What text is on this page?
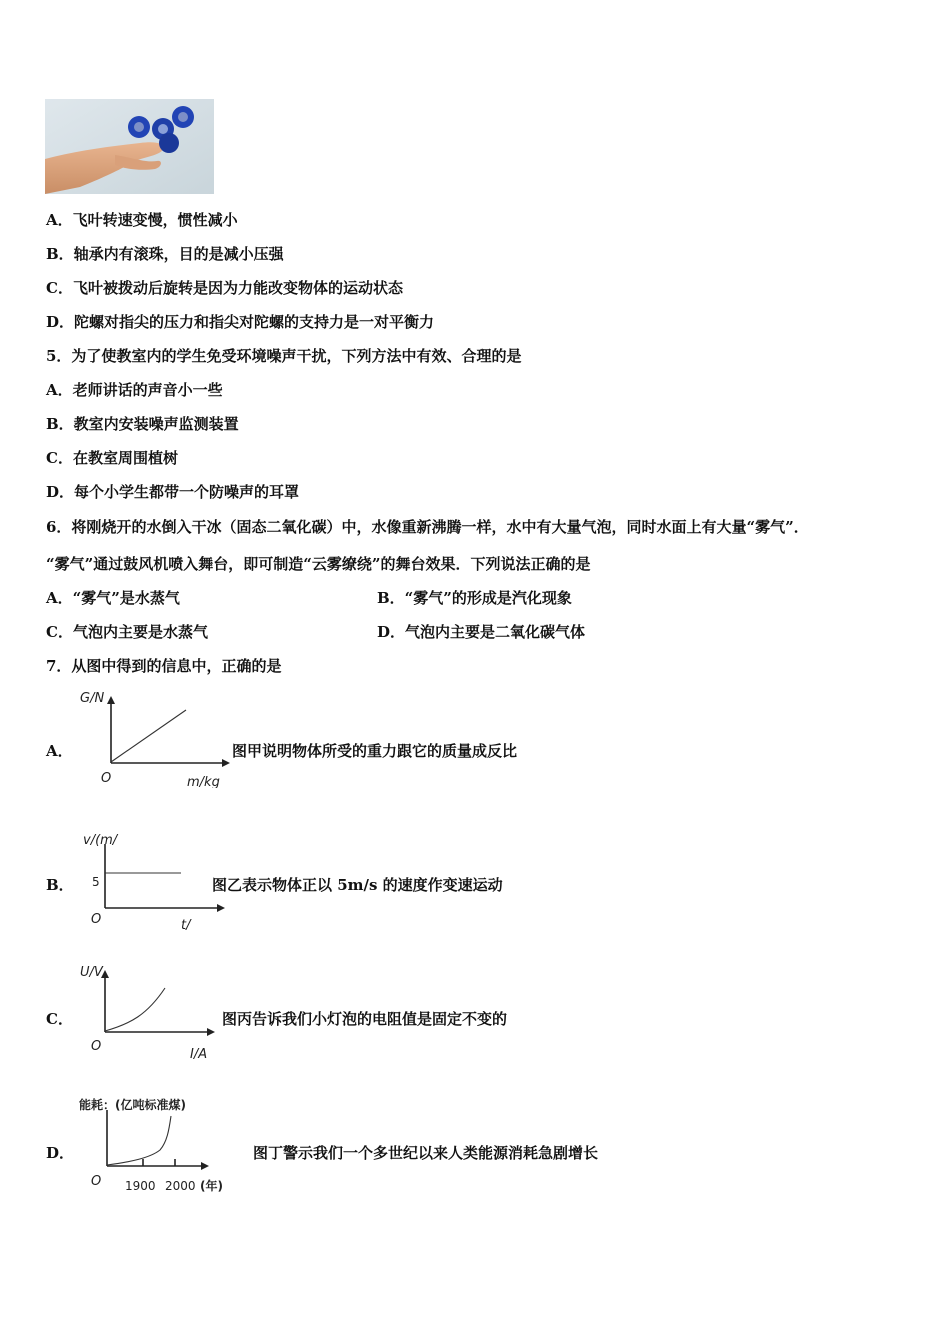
A．飞叶转速变慢，惯性减小
B．轴承内有滚珠，目的是减小压强
C．飞叶被拨动后旋转是因为力能改变物体的运动状态
D．陀螺对指尖的压力和指尖对陀螺的支持力是一对平衡力
5．为了使教室内的学生免受环境噪声干扰，下列方法中有效、合理的是
A．老师讲话的声音小一些
B．教室内安装噪声监测装置
C．在教室周围植树
D．每个小学生都带一个防噪声的耳罩
6．将刚烧开的水倒入干冰（固态二氧化碳）中，水像重新沸腾一样，水中有大量气泡，同时水面上有大量“雾气”．
“雾气”通过鼓风机喷入舞台，即可制造“云雾缭绕”的舞台效果．下列说法正确的是
A．“雾气”是水蒸气	B．“雾气”的形成是汽化现象
C．气泡内主要是水蒸气	D．气泡内主要是二氧化碳气体
7．从图中得到的信息中，正确的是
A．
G/N
O	m/kg
图甲说明物体所受的重力跟它的质量成反比
B．
v/(m/
5
O	t/
图乙表示物体正以 5m/s 的速度作变速运动
C．
U/V
O
I/A
图丙告诉我们小灯泡的电阻值是固定不变的
D．
能耗：(亿吨标准煤)
O 1900 2000 (年)
图丁警示我们一个多世纪以来人类能源消耗急剧增长
